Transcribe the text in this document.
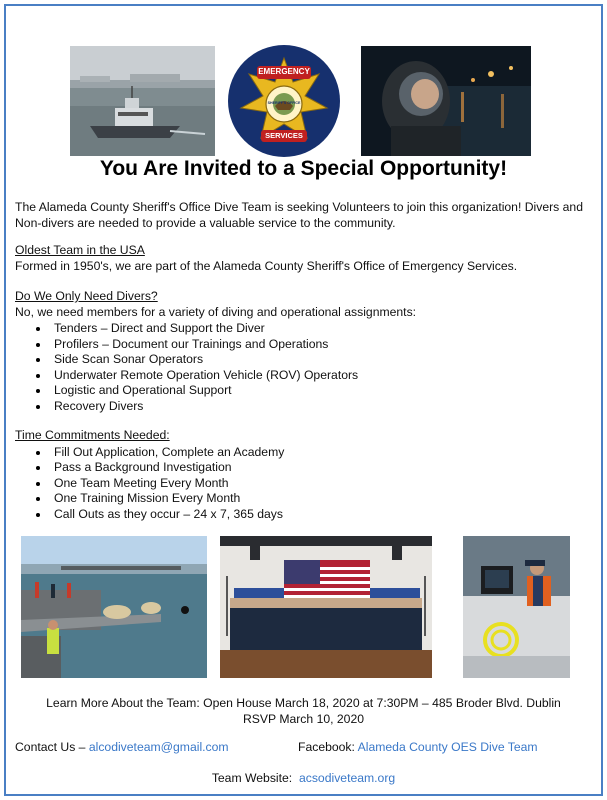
EMERGENCY
SHERIFF'S OFFICE
SERVICES
You Are Invited to a Special Opportunity!
The Alameda County Sheriff's Office Dive Team is seeking Volunteers to join this organization! Divers and Non-divers are needed to provide a valuable service to the community.
Oldest Team in the USA
Formed in 1950's, we are part of the Alameda County Sheriff's Office of Emergency Services.
Do We Only Need Divers?
No, we need members for a variety of diving and operational assignments:
Tenders – Direct and Support the Diver
Profilers – Document our Trainings and Operations
Side Scan Sonar Operators
Underwater Remote Operation Vehicle (ROV) Operators
Logistic and Operational Support
Recovery Divers
Time Commitments Needed:
Fill Out Application, Complete an Academy
Pass a Background Investigation
One Team Meeting Every Month
One Training Mission Every Month
Call Outs as they occur – 24 x 7, 365 days
Learn More About the Team: Open House March 18, 2020 at 7:30PM – 485 Broder Blvd. Dublin
RSVP March 10, 2020
Contact Us – alcodiveteam@gmail.com	Facebook: Alameda County OES Dive Team
Team Website:  acsodiveteam.org
